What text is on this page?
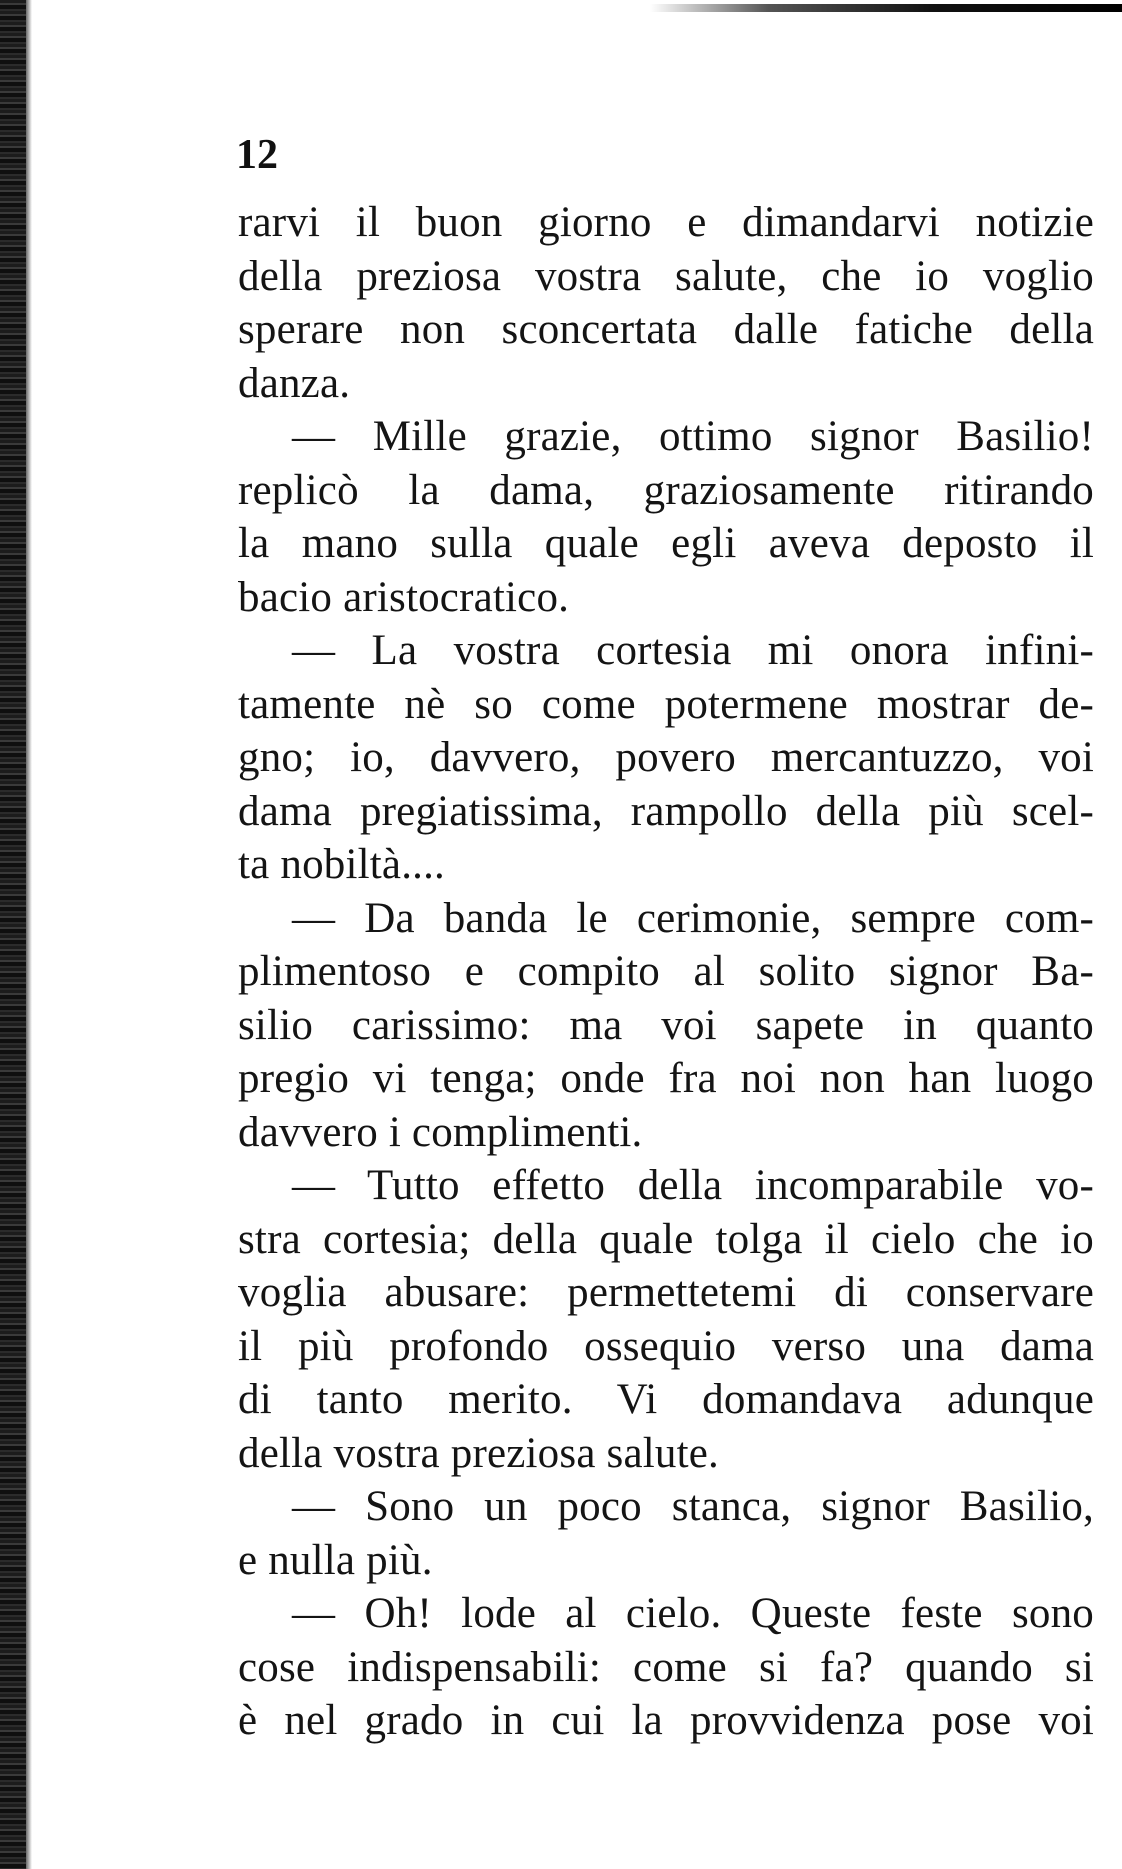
12

rarvi il buon giorno e dimandarvi notizie
della preziosa vostra salute, che io voglio
sperare non sconcertata dalle fatiche della
danza.
— Mille grazie, ottimo signor Basilio!
replicò la dama, graziosamente ritirando
la mano sulla quale egli aveva deposto il
bacio aristocratico.
— La vostra cortesia mi onora infini-
tamente nè so come potermene mostrar de-
gno; io, davvero, povero mercantuzzo, voi
dama pregiatissima, rampollo della più scel-
ta nobiltà....
— Da banda le cerimonie, sempre com-
plimentoso e compito al solito signor Ba-
silio carissimo: ma voi sapete in quanto
pregio vi tenga; onde fra noi non han luogo
davvero i complimenti.
— Tutto effetto della incomparabile vo-
stra cortesia; della quale tolga il cielo che io
voglia abusare: permettetemi di conservare
il più profondo ossequio verso una dama
di tanto merito. Vi domandava adunque
della vostra preziosa salute.
— Sono un poco stanca, signor Basilio,
e nulla più.
— Oh! lode al cielo. Queste feste sono
cose indispensabili: come si fa? quando si
è nel grado in cui la provvidenza pose voi
